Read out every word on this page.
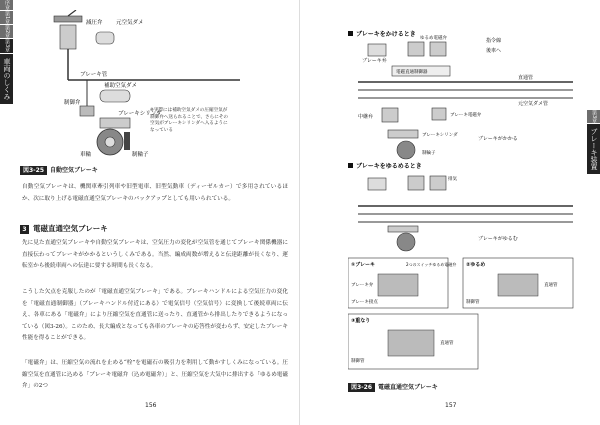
序章
第1章
第2章
第3章
車両のしくみ
減圧弁 元空気ダメ
ブレーキ管
補助空気ダメ
制御弁
ブレーキシリンダ
車輪	制輪子
※実際には補助空気ダメの圧縮空気が制御弁へ送られることで、さらにその空気がブレーキシリンダへ入るようになっている
図3-25 自動空気ブレーキ
自動空気ブレーキは、機関車牽引列車や旧型電車、旧型気動車（ディーゼルカー）で多用されているほか、次に取り上げる電磁直通空気ブレーキのバックアップとしても用いられている。
3 電磁直通空気ブレーキ
先に見た直通空気ブレーキや自動空気ブレーキは、空気圧力の変化が空気管を通じてブレーキ関係機器に直接伝わってブレーキがかかるというしくみである。当然、編成両数が増えると伝達距離が長くなり、運転室から後続車両への伝達に要する時間も長くなる。
こうした欠点を克服したのが「電磁直通空気ブレーキ」である。ブレーキハンドルによる空気圧力の変化を「電磁直通制御器」（ブレーキハンドル付近にある）で電気信号（空気信号）に変換して後続車両に伝え、各車にある「電磁弁」により圧縮空気を直通管に送ったり、直通管から排出したりできるようになっている（図3-26）。このため、長大編成となっても各車のブレーキの応答性が変わらず、安定したブレーキ性能を得ることができる。
「電磁弁」は、圧縮空気の流れを止める“栓”を電磁石の吸引力を利用して動かすしくみになっている。圧縮空気を直通管に込める「ブレーキ電磁弁（込め電磁弁）」と、圧縮空気を大気中に排出する「ゆるめ電磁弁」の2つ
156
第3章
ブレーキ装置
ブレーキをかけるとき
ブレーキ弁
ゆるめ電磁弁
電磁直通制御器
指令線
後車へ
直通管
元空気ダメ管
中継弁	ブレーキ電磁弁
ブレーキシリンダ
制輪子
ブレーキがかかる
ブレーキをゆるめるとき
排気
ブレーキがゆるむ
①ブレーキ	2つのスイッチゆるめ電磁弁
ブレーキ弁
ブレーキ接点
②ゆるめ
制御管
直通管
③重なり
制御管
直通管
図3-26 電磁直通空気ブレーキ
157
